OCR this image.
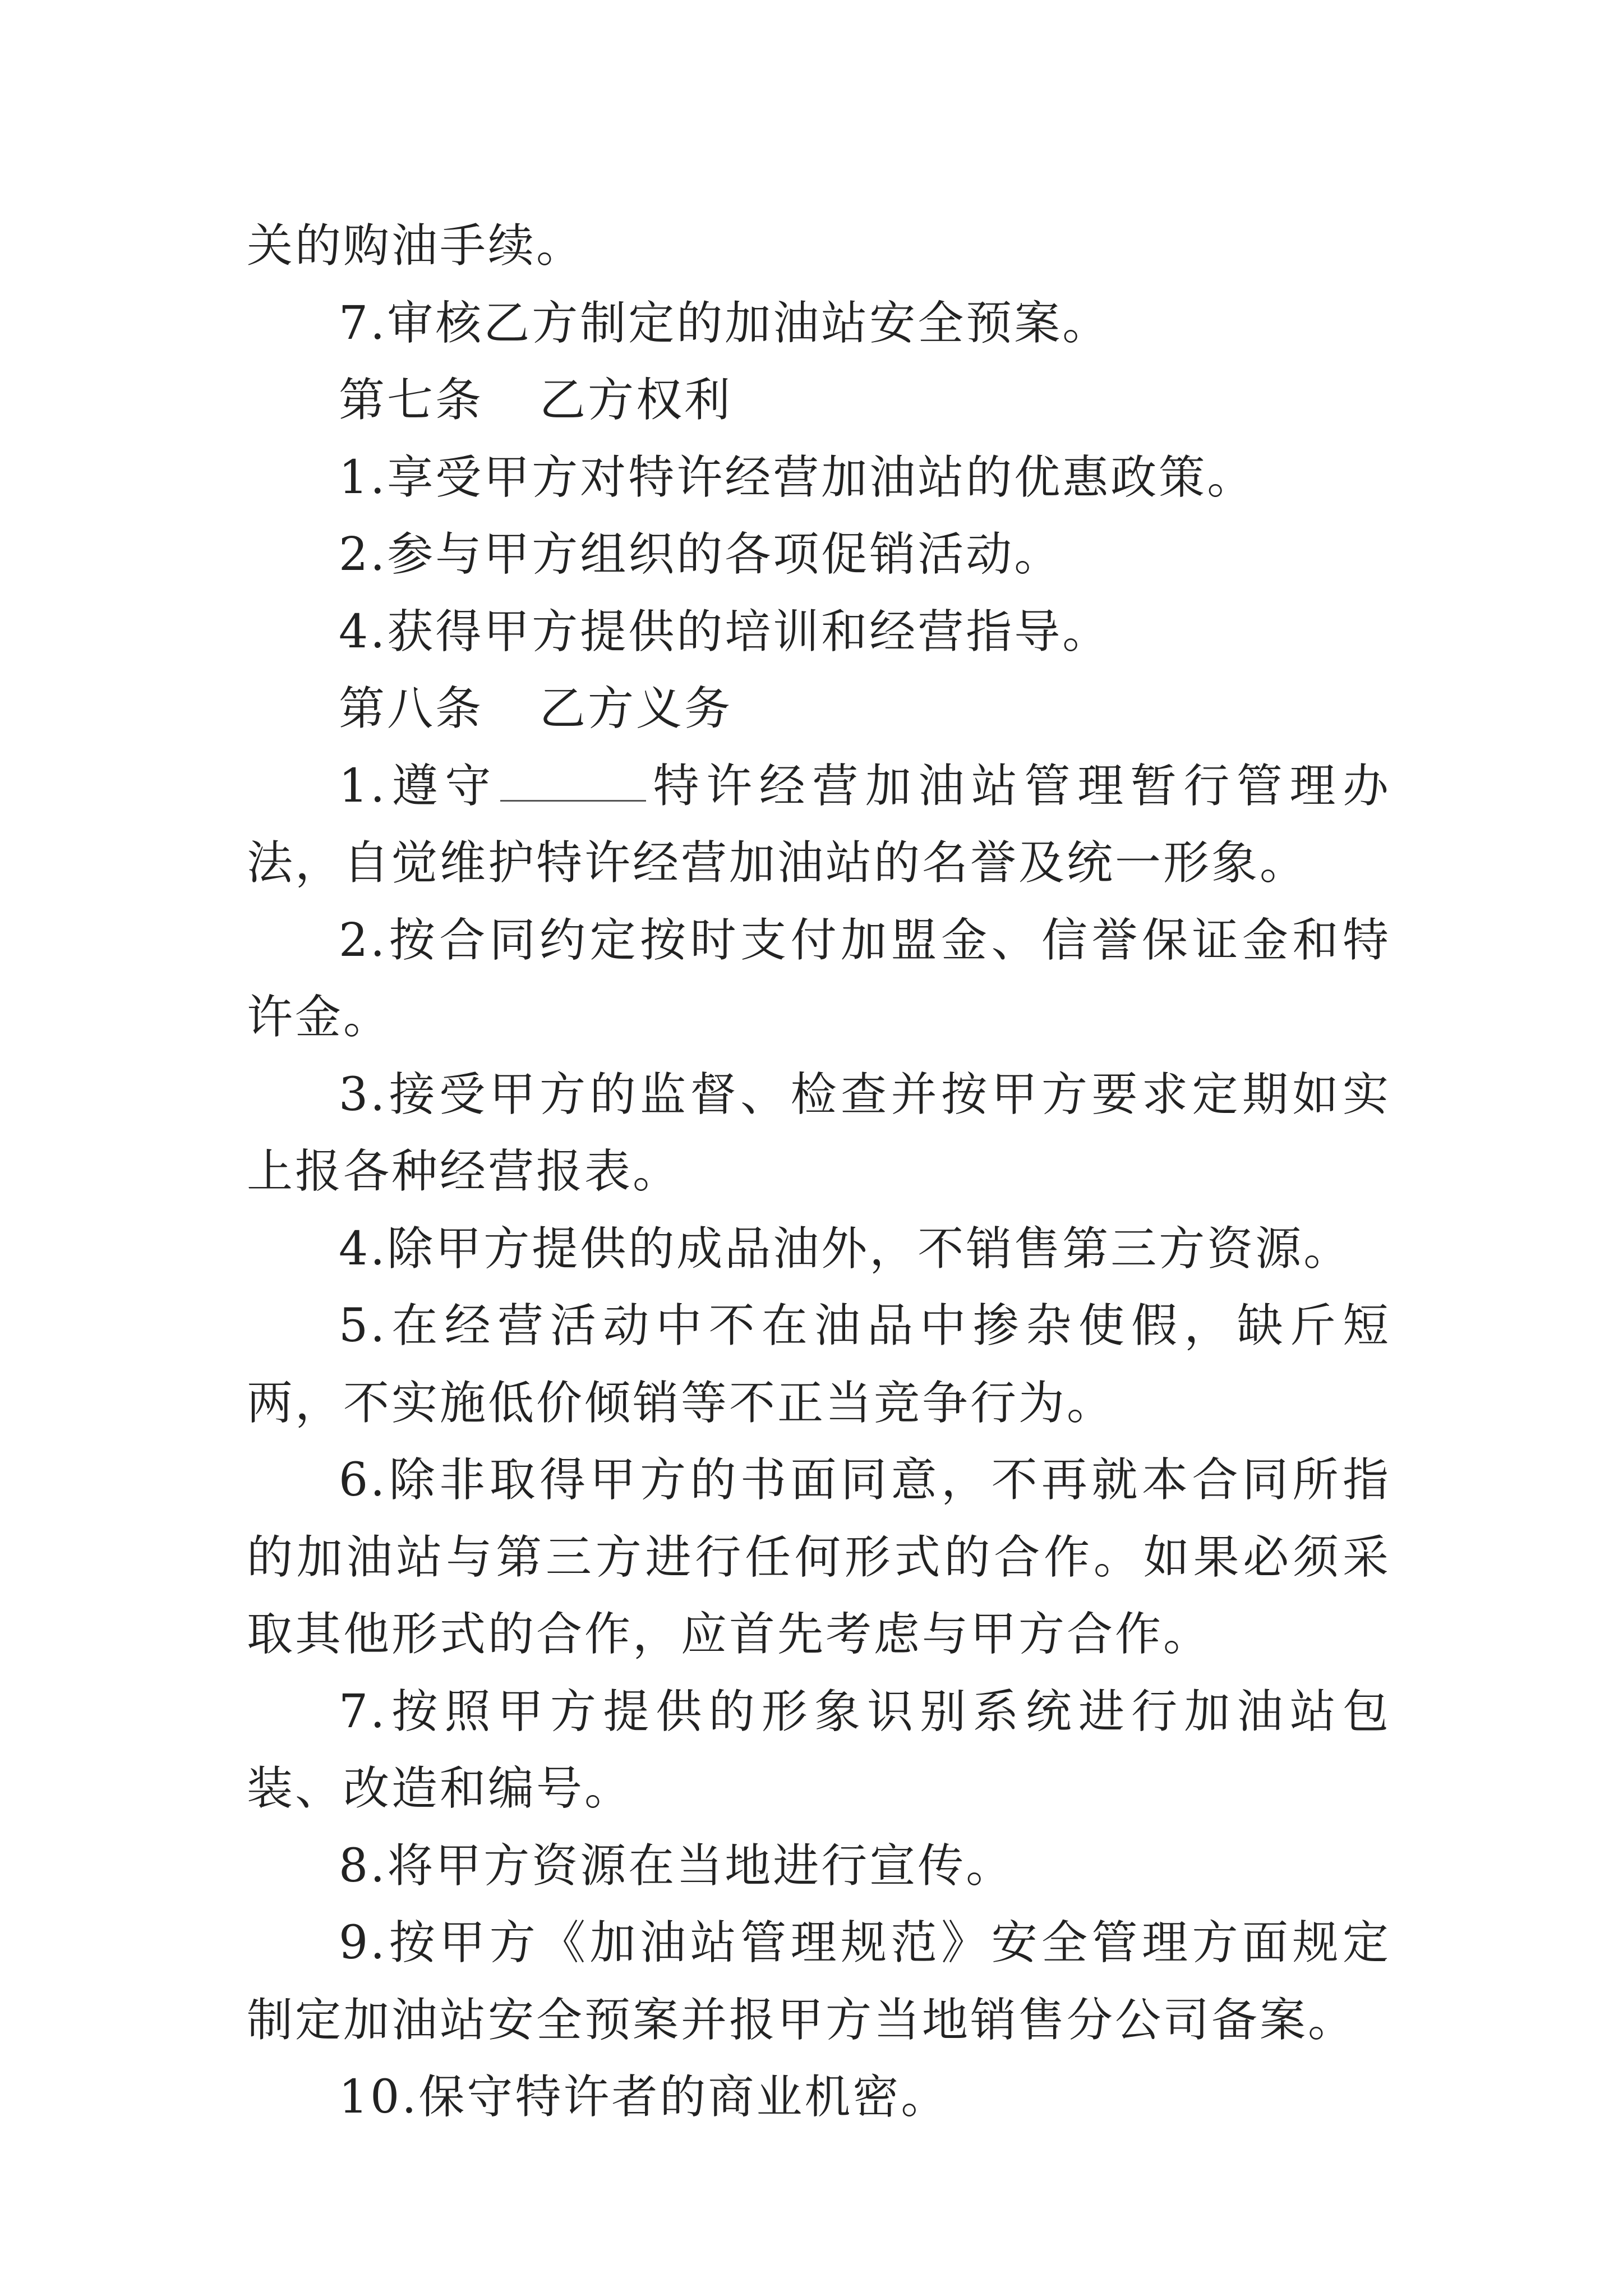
关的购油手续。

7.审核乙方制定的加油站安全预案。

第七条 乙方权利

1.享受甲方对特许经营加油站的优惠政策。

2.参与甲方组织的各项促销活动。

4.获得甲方提供的培训和经营指导。

第八条 乙方义务

1.遵守	特许经营加油站管理暂行管理办法，自觉维护特许经营加油站的名誉及统一形象。

2.按合同约定按时支付加盟金、信誉保证金和特许金。

3.接受甲方的监督、检查并按甲方要求定期如实上报各种经营报表。

4.除甲方提供的成品油外，不销售第三方资源。

5.在经营活动中不在油品中掺杂使假，缺斤短两，不实施低价倾销等不正当竞争行为。

6.除非取得甲方的书面同意，不再就本合同所指的加油站与第三方进行任何形式的合作。如果必须采取其他形式的合作，应首先考虑与甲方合作。

7.按照甲方提供的形象识别系统进行加油站包装、改造和编号。

8.将甲方资源在当地进行宣传。

9.按甲方《加油站管理规范》安全管理方面规定制定加油站安全预案并报甲方当地销售分公司备案。

10.保守特许者的商业机密。
